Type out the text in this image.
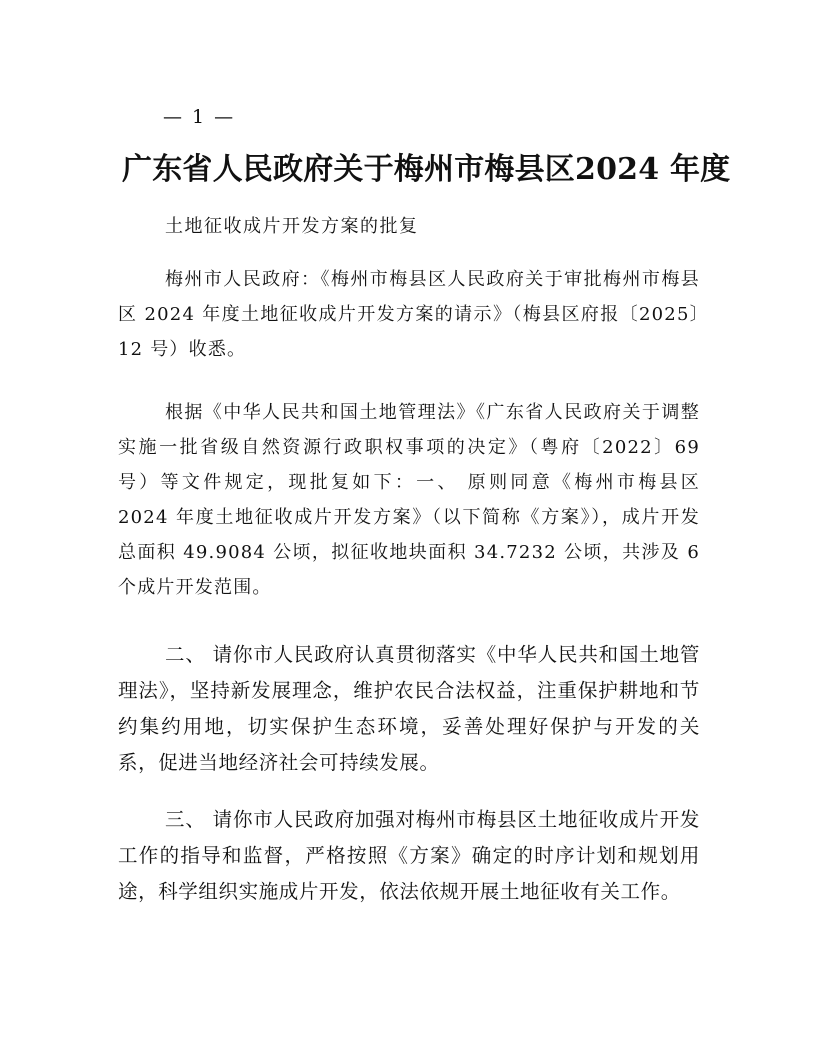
— 1 —
广东省人民政府关于梅州市梅县区2024 年度
土地征收成片开发方案的批复

梅州市人民政府：《梅州市梅县区人民政府关于审批梅州市梅县区 2024 年度土地征收成片开发方案的请示》（梅县区府报〔2025〕12 号）收悉。

根据《中华人民共和国土地管理法》《广东省人民政府关于调整实施一批省级自然资源行政职权事项的决定》（粤府〔2022〕69 号）等文件规定，现批复如下：一、 原则同意《梅州市梅县区 2024 年度土地征收成片开发方案》（以下简称《方案》），成片开发总面积 49.9084 公顷，拟征收地块面积 34.7232 公顷，共涉及 6 个成片开发范围。

二、 请你市人民政府认真贯彻落实《中华人民共和国土地管理法》，坚持新发展理念，维护农民合法权益，注重保护耕地和节约集约用地，切实保护生态环境，妥善处理好保护与开发的关系，促进当地经济社会可持续发展。

三、 请你市人民政府加强对梅州市梅县区土地征收成片开发工作的指导和监督，严格按照《方案》确定的时序计划和规划用途，科学组织实施成片开发，依法依规开展土地征收有关工作。
